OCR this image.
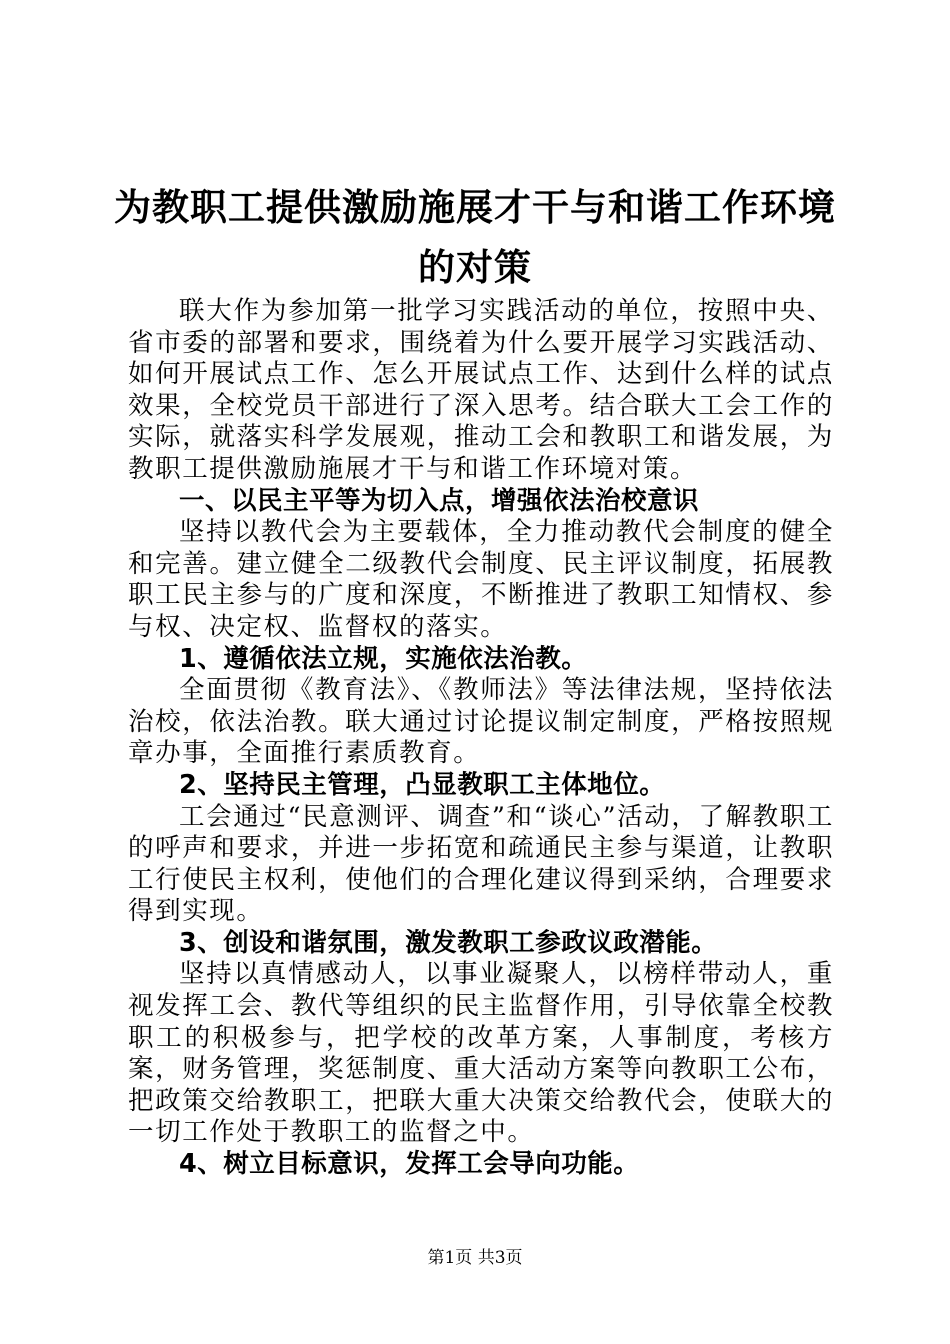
为教职工提供激励施展才干与和谐工作环境的对策

联大作为参加第一批学习实践活动的单位，按照中央、省市委的部署和要求，围绕着为什么要开展学习实践活动、如何开展试点工作、怎么开展试点工作、达到什么样的试点效果，全校党员干部进行了深入思考。结合联大工会工作的实际，就落实科学发展观，推动工会和教职工和谐发展，为教职工提供激励施展才干与和谐工作环境对策。

一、以民主平等为切入点，增强依法治校意识

坚持以教代会为主要载体，全力推动教代会制度的健全和完善。建立健全二级教代会制度、民主评议制度，拓展教职工民主参与的广度和深度，不断推进了教职工知情权、参与权、决定权、监督权的落实。

1、遵循依法立规，实施依法治教。

全面贯彻《教育法》、《教师法》等法律法规，坚持依法治校，依法治教。联大通过讨论提议制定制度，严格按照规章办事，全面推行素质教育。

2、坚持民主管理，凸显教职工主体地位。

工会通过“民意测评、调查”和“谈心”活动，了解教职工的呼声和要求，并进一步拓宽和疏通民主参与渠道，让教职工行使民主权利，使他们的合理化建议得到采纳，合理要求得到实现。

3、创设和谐氛围，激发教职工参政议政潜能。

坚持以真情感动人，以事业凝聚人，以榜样带动人，重视发挥工会、教代等组织的民主监督作用，引导依靠全校教职工的积极参与，把学校的改革方案，人事制度，考核方案，财务管理，奖惩制度、重大活动方案等向教职工公布，把政策交给教职工，把联大重大决策交给教代会，使联大的一切工作处于教职工的监督之中。

4、树立目标意识，发挥工会导向功能。

第1页 共3页
